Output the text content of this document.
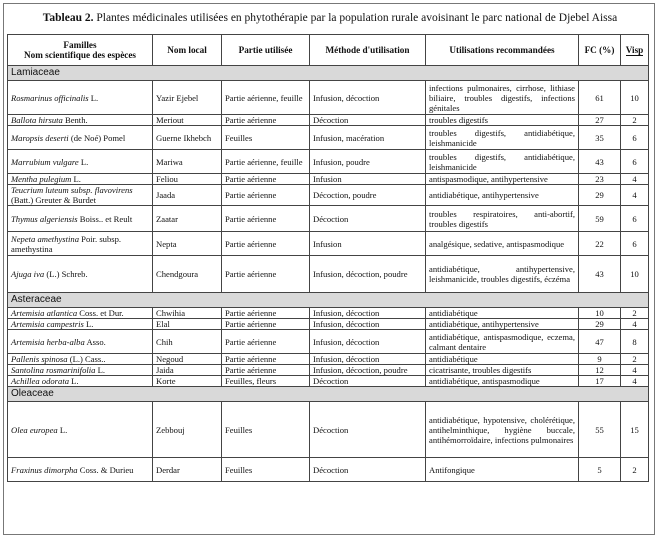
Tableau 2. Plantes médicinales utilisées en phytothérapie par la population rurale avoisinant le parc national de Djebel Aissa
Familles
Nom scientifique des espèces	Nom local	Partie utilisée	Méthode d'utilisation	Utilisations recommandées	FC (%)	Visp
Lamiaceae						
Rosmarinus officinalis L.	Yazir Ejebel	Partie aérienne, feuille	Infusion, décoction	infections pulmonaires, cirrhose, lithiase biliaire, troubles digestifs, infections génitales	61	10
Ballota hirsuta Benth.	Meriout	Partie aérienne	Décoction	troubles digestifs	27	2
Maropsis deserti (de Noé) Pomel	Guerne Ikhebch	Feuilles	Infusion, macération	troubles digestifs, antidiabétique, leishmanicide	35	6
Marrubium vulgare L.	Mariwa	Partie aérienne, feuille	Infusion, poudre	troubles digestifs, antidiabétique, leishmanicide	43	6
Mentha pulegium L.	Feliou	Partie aérienne	Infusion	antispasmodique, antihypertensive	23	4
Teucrium luteum subsp. flavovirens (Batt.) Greuter & Burdet	Jaada	Partie aérienne	Décoction, poudre	antidiabétique, antihypertensive	29	4
Thymus algeriensis Boiss.. et Reult	Zaatar	Partie aérienne	Décoction	troubles respiratoires, anti-abortif, troubles digestifs	59	6
Nepeta amethystina Poir. subsp. amethystina	Nepta	Partie aérienne	Infusion	analgésique, sedative, antispasmodique	22	6
Ajuga iva (L.) Schreb.	Chendgoura	Partie aérienne	Infusion, décoction, poudre	antidiabétique, antihypertensive, leishmanicide, troubles digestifs, éczéma	43	10
Asteraceae						
Artemisia atlantica Coss. et Dur.	Chwihia	Partie aérienne	Infusion, décoction	antidiabétique	10	2
Artemisia campestris L.	Elal	Partie aérienne	Infusion, décoction	antidiabétique, antihypertensive	29	4
Artemisia herba-alba Asso.	Chih	Partie aérienne	Infusion, décoction	antidiabétique, antispasmodique, eczema, calmant dentaire	47	8
Pallenis spinosa (L.) Cass..	Negoud	Partie aérienne	Infusion, décoction	antidiabétique	9	2
Santolina rosmarinifolia L.	Jaida	Partie aérienne	Infusion, décoction, poudre	cicatrisante, troubles digestifs	12	4
Achillea odorata L.	Korte	Feuilles, fleurs	Décoction	antidiabétique, antispasmodique	17	4
Oleaceae						
Olea europea L.	Zebbouj	Feuilles	Décoction	antidiabétique, hypotensive, cholérétique, antihelminthique, hygiène buccale, antihémorroïdaire, infections pulmonaires	55	15
Fraxinus dimorpha Coss. & Durieu	Derdar	Feuilles	Décoction	Antifongique	5	2
